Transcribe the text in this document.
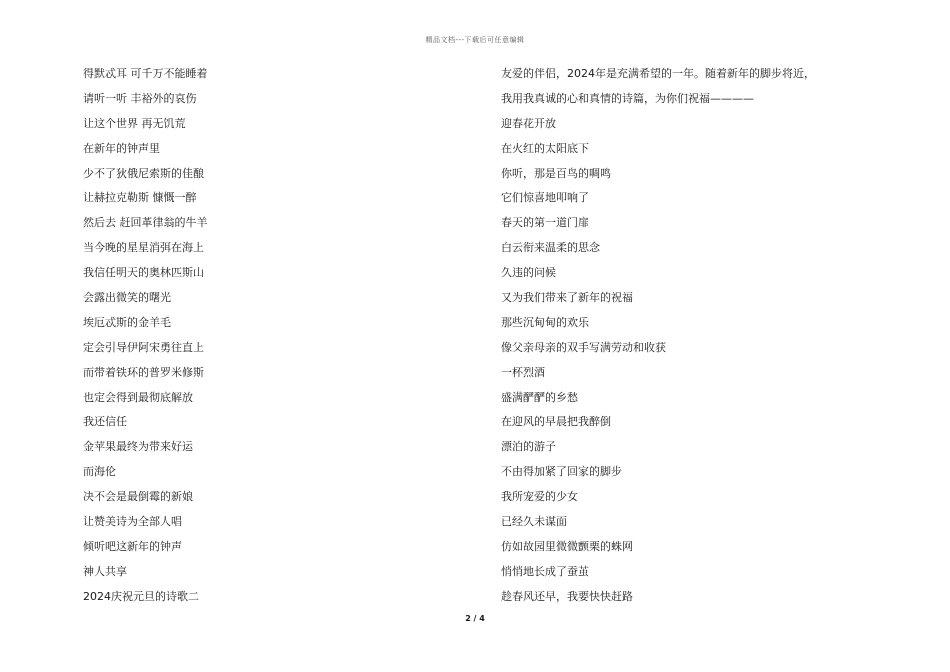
精品文档---下载后可任意编辑
得默忒耳 可千万不能睡着
请听一听 丰裕外的哀伤
让这个世界 再无饥荒
在新年的钟声里
少不了狄俄尼索斯的佳酿
让赫拉克勒斯 慷慨一醉
然后去 赶回革律翁的牛羊
当今晚的星星消弭在海上
我信任明天的奥林匹斯山
会露出微笑的曙光
埃厄忒斯的金羊毛
定会引导伊阿宋勇往直上
而带着铁环的普罗米修斯
也定会得到最彻底解放
我还信任
金苹果最终为带来好运
而海伦
决不会是最倒霉的新娘
让赞美诗为全部人唱
倾听吧这新年的钟声
神人共享
2024庆祝元旦的诗歌二
友爱的伴侣，2024年是充满希望的一年。随着新年的脚步将近，
我用我真诚的心和真情的诗篇，为你们祝福————
迎春花开放
在火红的太阳底下
你听，那是百鸟的啁鸣
它们惊喜地叩响了
春天的第一道门扉
白云衔来温柔的思念
久违的问候
又为我们带来了新年的祝福
那些沉甸甸的欢乐
像父亲母亲的双手写满劳动和收获
一杯烈酒
盛满酽酽的乡愁
在迎风的早晨把我醉倒
漂泊的游子
不由得加紧了回家的脚步
我所宠爱的少女
已经久未谋面
仿如故园里微微颤栗的蛛网
悄悄地长成了蚕茧
趁春风还早，我要快快赶路
2 / 4
